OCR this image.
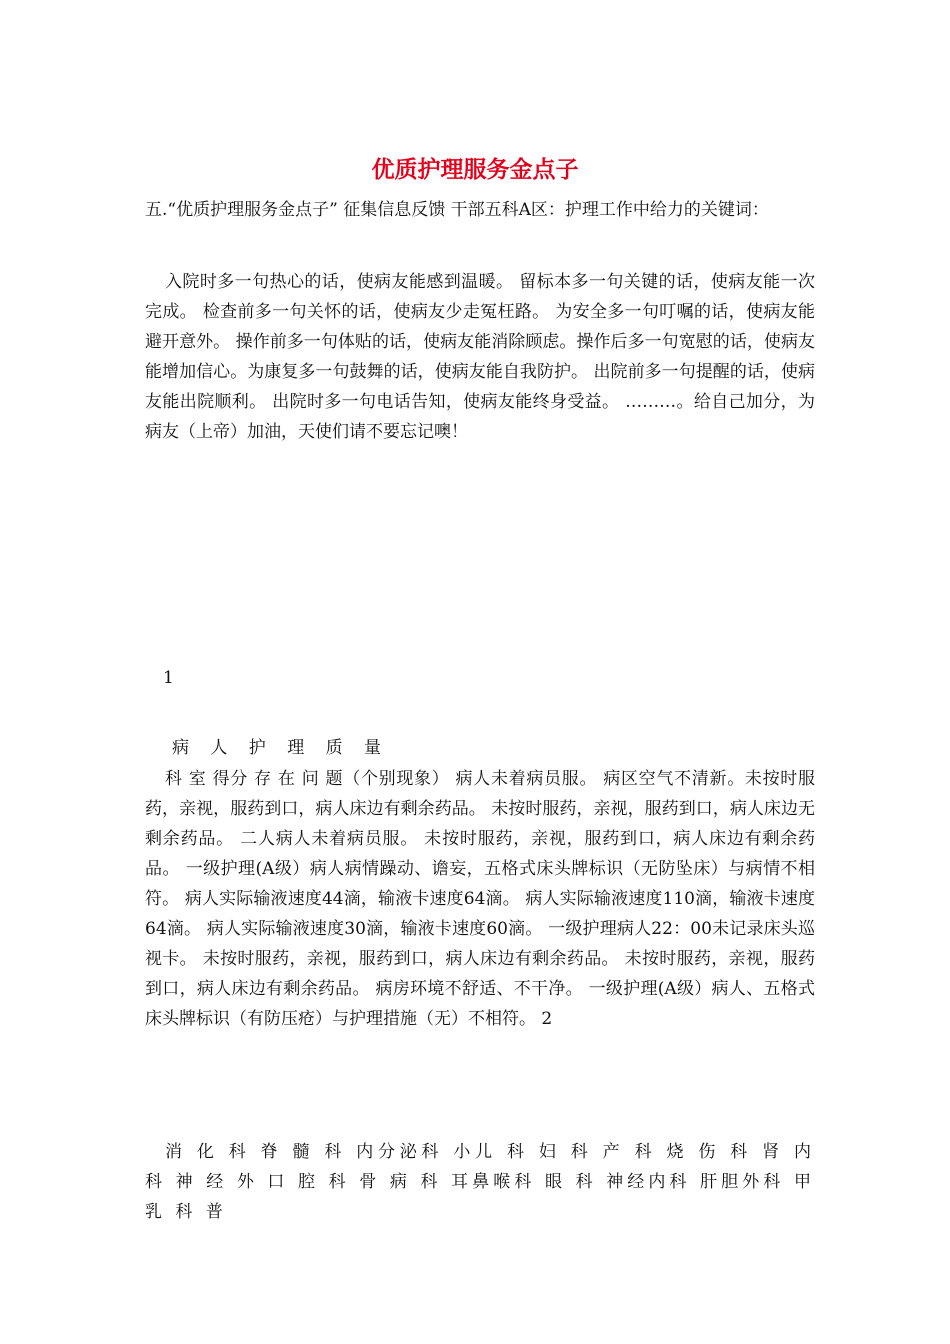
优质护理服务金点子

五.“优质护理服务金点子” 征集信息反馈 干部五科A区：护理工作中给力的关键词：

入院时多一句热心的话，使病友能感到温暖。 留标本多一句关键的话，使病友能一次完成。 检查前多一句关怀的话，使病友少走冤枉路。 为安全多一句叮嘱的话，使病友能避开意外。 操作前多一句体贴的话，使病友能消除顾虑。操作后多一句宽慰的话，使病友能增加信心。为康复多一句鼓舞的话，使病友能自我防护。 出院前多一句提醒的话，使病友能出院顺利。 出院时多一句电话告知，使病友能终身受益。 ………。给自己加分，为病友（上帝）加油，天使们请不要忘记噢！

1
病 人 护 理 质 量

科 室 得分 存 在 问 题（个别现象） 病人未着病员服。 病区空气不清新。未按时服药，亲视，服药到口，病人床边有剩余药品。 未按时服药，亲视，服药到口，病人床边无剩余药品。 二人病人未着病员服。 未按时服药，亲视，服药到口，病人床边有剩余药品。 一级护理(A级）病人病情躁动、谵妄，五格式床头牌标识（无防坠床）与病情不相符。 病人实际输液速度44滴，输液卡速度64滴。 病人实际输液速度110滴，输液卡速度64滴。 病人实际输液速度30滴，输液卡速度60滴。 一级护理病人22：00未记录床头巡视卡。 未按时服药，亲视，服药到口，病人床边有剩余药品。 未按时服药，亲视，服药到口，病人床边有剩余药品。 病房环境不舒适、不干净。 一级护理(A级）病人、五格式床头牌标识（有防压疮）与护理措施（无）不相符。 2

消 化 科 脊 髓 科 内分泌科 小儿 科 妇 科 产 科 烧 伤 科 肾 内 科 神 经 外 口 腔 科 骨 病 科 耳鼻喉科 眼 科 神经内科 肝胆外科 甲 乳 科 普
